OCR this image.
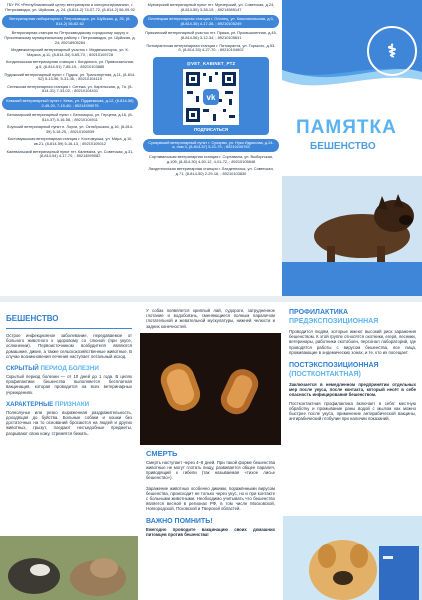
ГБУ РК «Республиканский центр ветеринарии и консультирования», г. Петрозаводск, ул. Шуйская, д. 24, (8-814-2) 74-07-72, (8-814-2) 56-99-92
Ветеринарная лаборатория г. Петрозаводск, ул. Шуйская, д. 26, (8-814-2) 56-62-62
Ветеринарная станция по Петрозаводскому городскому округу и Прионежскому муниципальному району г. Петрозаводск, ул. Шуйская, д. 24; 89218905284
Медвежьегорский ветеринарный участок г. Медвежьегорск, ул. К. Маркса, д.11, (8-814-34) 5-65-70, ; 89210105728
Кондопожская ветеринарная станция г. Кондопога, ул. Привокзальная, д.5, (8-814-51) 7-85-19, ; 89210103885
Пудожский ветеринарный пункт г. Пудож, ул. Транспортная, д.11, (8-814-52) 5-13-96, 5-31-46, ; 89210104115
Сегежская ветеринарная станция г. Сегежа, ул. Карельская, д. 7а, (8-814-31) 7-33-02, ; 89210104431
Кемский ветеринарный пункт г. Кемь, ул. Пуджемская, д.12, (8-814-58) 2-45-20, 7-15-40; ; 89214399075
Беломорский ветеринарный пункт г. Беломорск, ул. Герцена, д.16, (8-814-37) 5-16-58, ; 89210104911
Лоухский ветеринарный пункт п. Лоухи, ул. Октябрьская, д.16, (8-814-39) 5-18-25, ; 89210106939
Костомукшская ветеринарная станция г. Костомукша, ул. Мира, д.10, кв.21, (8-814-59) 5-16-13, ; 89210105012
Калевальский ветеринарный пункт пгт. Калевала, ул. Советская, д.31, (8-814-54) 4-17-70, ; 89214599082
Муезерский ветеринарный пункт пгт. Муезерский, ул. Советская, д.24, (8-814-55) 3-38-19, ; 89214585147
Олонецкая ветеринарная станция г. Олонец, ул. Комсомольская, д.3, (8-814-36) 4-17-36, ; 89210105249
Пряжинский ветеринарный участок пгт. Пряжа, ул. Промышленная, д.45, (8-814-56) 3-12-34, ; 89210105631
Питкярантская ветеринарная станция г. Питкяранта, ул. Горького, д.53-б, (8-814-33) 4-27-70, ; 89210104602
@VET_KABINET_PTZ
vk
ПОДПИСАТЬСЯ
Суоярвский ветеринарный пункт г. Суоярви, ул. Нуки Идрисова, д.24-а, пом 3, (8-814-57) 5-21-79, ; 89210106763
Сортавальская ветеринарная станция г. Сортавала, ул. Выборгская, д.105, (8-814-30) 4-50-12, 4-01-72, ; 89210105848
Лахденпохская ветеринарная станция г. Лахденпохья, ул. Советская, д.71, (8-814-50) 2-29-16, ; 89210103830
⚕
ПАМЯТКА
БЕШЕНСТВО
БЕШЕНСТВО
Острое инфекционное заболевание, передаваемое от больного животного к здоровому со слюной (при укусе, ослюнении). Первоисточником возбудителя являются домашние, дикие, а также сельскохозяйственные животные. В случае возникновения лечения наступает летальный исход.
СКРЫТЫЙ ПЕРИОД БОЛЕЗНИ
Скрытый период болезни — от 10 дней до 1 года. В целях профилактики бешенства выполняется бесплатная вакцинация, которая проводится на всех ветеринарных учреждениях.
ХАРАКТЕРНЫЕ ПРИЗНАКИ
Полнолунье или резко выраженная раздражительность, доходящая до буйства. Больные собаки и кошки без достаточных на то оснований бросаются на людей и других животных, грызут, поедают несъедобные предметы, разрывают свою кожу, стремятся бежать.
У собак появляется хриплый лай, судороги, затрудненное глотание и водобоязнь, сменяющиеся полным параличом глотательной и жевательной мускулатуры, нижней челюсти и задних конечностей.
СМЕРТЬ
Смерть наступает через 4–8 дней. При такой форме бешенства животные не могут глотать пищу, развивается общее паралич, приводящий к гибели (так называемая «тихое лисье бешенство»).
Заражение животных особенно дикими, поражёнными вирусом бешенства, происходит не только через укус, но и при контакте с больными животными. Необходимо учитывать что бешенство является весной в регионах РФ, в том числе Московской, Новгородской, Псковской и Тверской областей.
ВАЖНО ПОМНИТЬ!
Ежегодно проводите вакцинацию своих домашних питомцев против бешенства!
ПРОФИЛАКТИКА
ПРЕДЭКСПОЗИЦИОННАЯ
Проводится людям, которые имеют высокий риск заражения бешенством. К этой группе относятся охотники, егеря, лесники, ветеринары, работники скотобоен, персонал лабораторий, где проводятся работы с вирусом бешенства, все лица, проживающие в эндемических зонах, и те, кто их посещает.
ПОСТЭКСПОЗИЦИОННАЯ
(ПОСТКОНТАКТНАЯ)
Заключается в немедленном предпринятии отдельных мер после укуса, после контакта, который несёт в себе опасность инфицирования бешенством.
Постконтактная профилактика включает в себя: местную обработку и промывание раны водой с мылом как можно быстрее после укуса, применение антирабической вакцины, антирабический глобулин при наличии показаний.
